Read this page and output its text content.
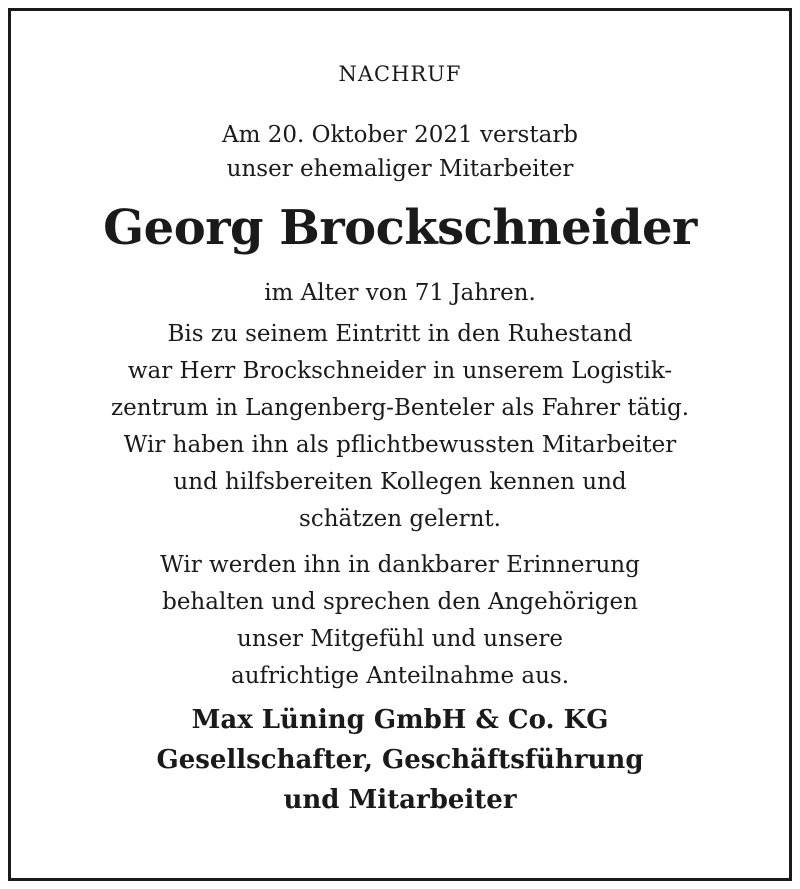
NACHRUF
Am 20. Oktober 2021 verstarb
unser ehemaliger Mitarbeiter
Georg Brockschneider
im Alter von 71 Jahren.
Bis zu seinem Eintritt in den Ruhestand
war Herr Brockschneider in unserem Logistik-
zentrum in Langenberg-Benteler als Fahrer tätig.
Wir haben ihn als pflichtbewussten Mitarbeiter
und hilfsbereiten Kollegen kennen und
schätzen gelernt.
Wir werden ihn in dankbarer Erinnerung
behalten und sprechen den Angehörigen
unser Mitgefühl und unsere
aufrichtige Anteilnahme aus.
Max Lüning GmbH & Co. KG
Gesellschafter, Geschäftsführung
und Mitarbeiter
